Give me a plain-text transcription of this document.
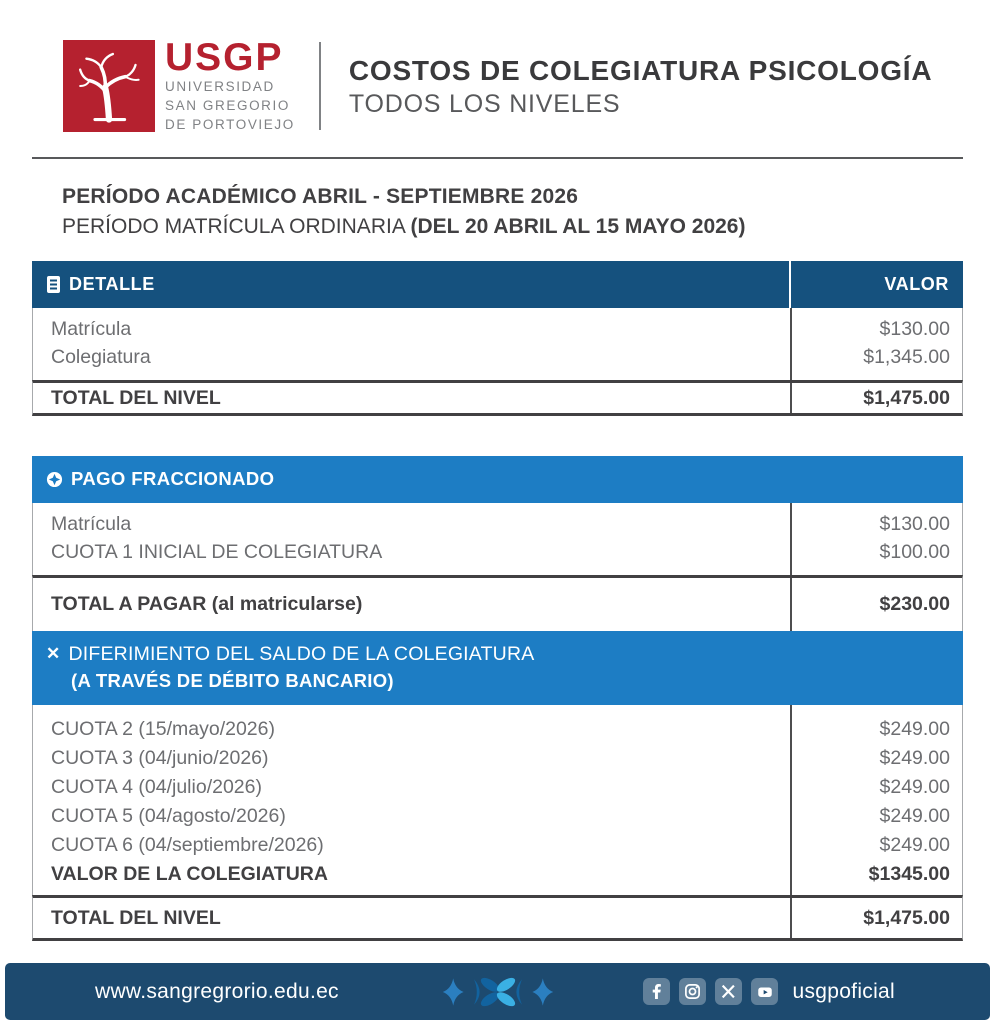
USGP
UNIVERSIDAD
SAN GREGORIO
DE PORTOVIEJO
COSTOS DE COLEGIATURA PSICOLOGÍA
TODOS LOS NIVELES
PERÍODO ACADÉMICO ABRIL - SEPTIEMBRE 2026
PERÍODO MATRÍCULA ORDINARIA (DEL 20 ABRIL AL 15 MAYO 2026)
DETALLE	VALOR
Matrícula	$130.00
Colegiatura	$1,345.00
TOTAL DEL NIVEL	$1,475.00
PAGO FRACCIONADO
Matrícula	$130.00
CUOTA 1 INICIAL DE COLEGIATURA	$100.00
TOTAL A PAGAR (al matricularse)	$230.00
✕ DIFERIMIENTO DEL SALDO DE LA COLEGIATURA
(A TRAVÉS DE DÉBITO BANCARIO)
CUOTA 2 (15/mayo/2026)	$249.00
CUOTA 3 (04/junio/2026)	$249.00
CUOTA 4 (04/julio/2026)	$249.00
CUOTA 5 (04/agosto/2026)	$249.00
CUOTA 6 (04/septiembre/2026)	$249.00
VALOR DE LA COLEGIATURA	$1345.00
TOTAL DEL NIVEL	$1,475.00
www.sangregrorio.edu.ec	usgpoficial
